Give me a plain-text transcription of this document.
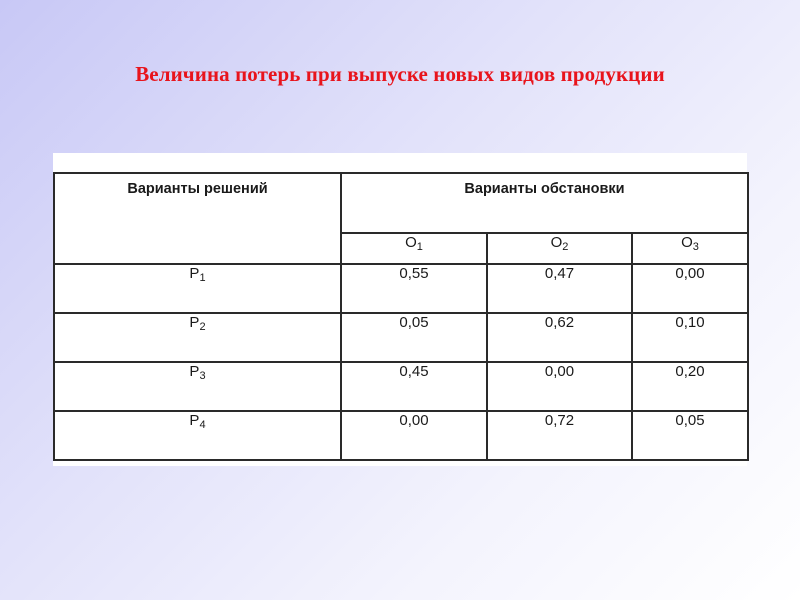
Величина потерь при выпуске новых видов продукции
Варианты решений	Варианты обстановки		
	$O_1$	$O_2$	$O_3$
$P_1$	0,55	0,47	0,00
$P_2$	0,05	0,62	0,10
$P_3$	0,45	0,00	0,20
$P_4$	0,00	0,72	0,05
